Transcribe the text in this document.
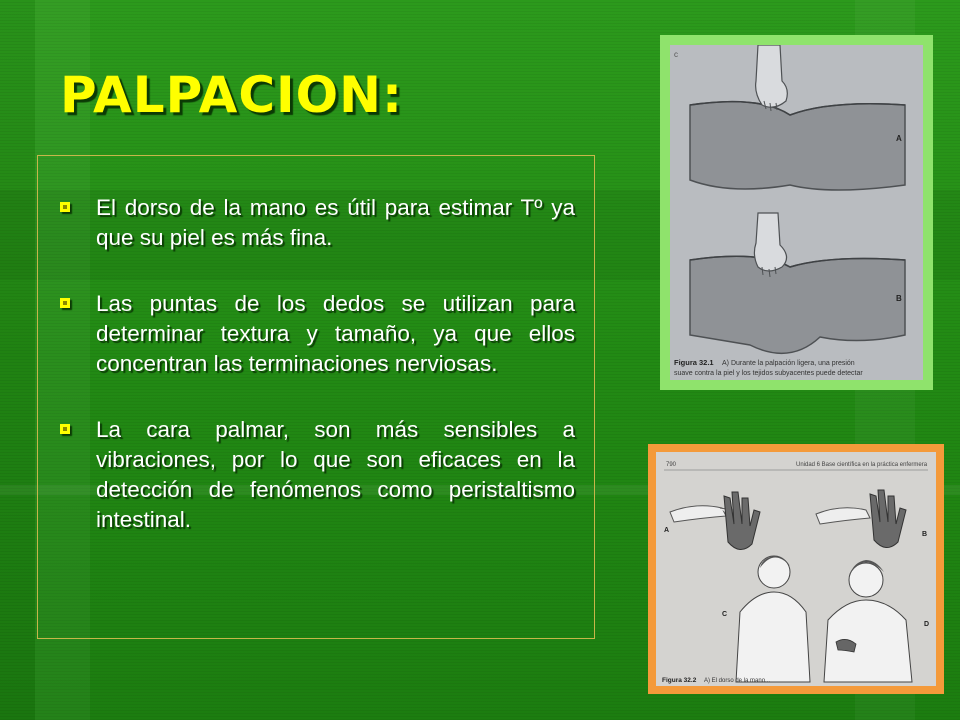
PALPACION:
El dorso de la mano es útil para estimar Tº ya que su piel es más fina.
Las puntas de los dedos se utilizan para determinar textura y tamaño, ya que ellos concentran las terminaciones nerviosas.
La cara palmar, son más sensibles a vibraciones, por lo que son eficaces en la detección de fenómenos como peristaltismo intestinal.
c
A
B
Figura 32.1 A) Durante la palpación ligera, una presión
suave contra la piel y los tejidos subyacentes puede detectar
790	Unidad 6 Base científica en la práctica enfermera
A
B
C
D
Figura 32.2 A) El dorso de la mano...
